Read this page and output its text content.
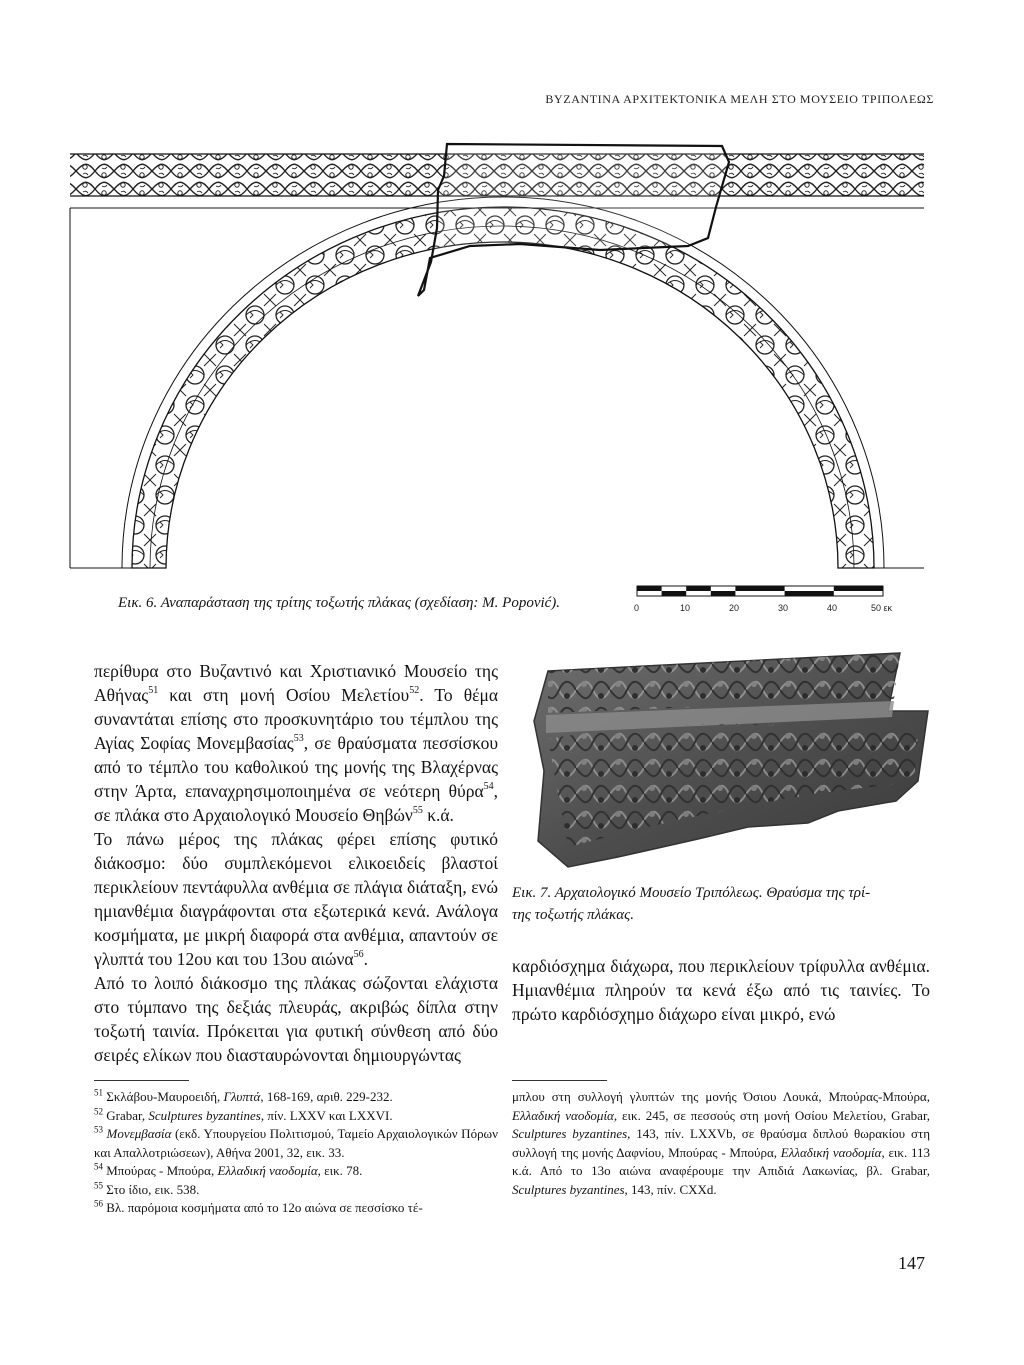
ΒΥΖΑΝΤΙΝΑ ΑΡΧΙΤΕΚΤΟΝΙΚΑ ΜΕΛΗ ΣΤΟ ΜΟΥΣΕΙΟ ΤΡΙΠΟΛΕΩΣ
Εικ. 6. Αναπαράσταση της τρίτης τοξωτής πλάκας (σχεδίαση: Μ. Popović).	0	10	20	30	40	50 εκ

περίθυρα στο Βυζαντινό και Χριστιανικό Μουσείο της Αθήνας$^{51}$ και στη μονή Οσίου Μελετίου$^{52}$. Το θέμα συναντάται επίσης στο προσκυνητάριο του τέμπλου της Αγίας Σοφίας Μονεμβασίας$^{53}$, σε θραύσματα πεσσίσκου από το τέμπλο του καθολικού της μονής της Βλαχέρνας στην Άρτα, επαναχρησιμοποιημένα σε νεότερη θύρα$^{54}$, σε πλάκα στο Αρχαιολογικό Μουσείο Θηβών$^{55}$ κ.ά.

Το πάνω μέρος της πλάκας φέρει επίσης φυτικό διάκοσμο: δύο συμπλεκόμενοι ελικοειδείς βλαστοί περικλείουν πεντάφυλλα ανθέμια σε πλάγια διάταξη, ενώ ημιανθέμια διαγράφονται στα εξωτερικά κενά. Ανάλογα κοσμήματα, με μικρή διαφορά στα ανθέμια, απαντούν σε γλυπτά του 12ου και του 13ου αιώνα$^{56}$.

Από το λοιπό διάκοσμο της πλάκας σώζονται ελάχιστα στο τύμπανο της δεξιάς πλευράς, ακριβώς δίπλα στην τοξωτή ταινία. Πρόκειται για φυτική σύνθεση από δύο σειρές ελίκων που διασταυρώνονται δημιουργώντας

Εικ. 7. Αρχαιολογικό Μουσείο Τριπόλεως. Θραύσμα της τρί-
της τοξωτής πλάκας.

καρδιόσχημα διάχωρα, που περικλείουν τρίφυλλα ανθέμια. Ημιανθέμια πληρούν τα κενά έξω από τις ταινίες. Το πρώτο καρδιόσχημο διάχωρο είναι μικρό, ενώ

$^{51}$ Σκλάβου-Μαυροειδή, Γλυπτά, 168-169, αριθ. 229-232.
$^{52}$ Grabar, Sculptures byzantines, πίν. LXXV και LXXVI.
$^{53}$ Μονεμβασία (εκδ. Υπουργείου Πολιτισμού, Ταμείο Αρχαιολογικών Πόρων και Απαλλοτριώσεων), Αθήνα 2001, 32, εικ. 33.
$^{54}$ Μπούρας - Μπούρα, Ελλαδική ναοδομία, εικ. 78.
$^{55}$ Στο ίδιο, εικ. 538.
$^{56}$ Βλ. παρόμοια κοσμήματα από το 12ο αιώνα σε πεσσίσκο τέ-
μπλου στη συλλογή γλυπτών της μονής Όσιου Λουκά, Μπούρας-Μπούρα, Ελλαδική ναοδομία, εικ. 245, σε πεσσούς στη μονή Οσίου Μελετίου, Grabar, Sculptures byzantines, 143, πίν. LXXVb, σε θραύσμα διπλού θωρακίου στη συλλογή της μονής Δαφνίου, Μπούρας - Μπούρα, Ελλαδική ναοδομία, εικ. 113 κ.ά. Από το 13ο αιώνα αναφέρουμε την Απιδιά Λακωνίας, βλ. Grabar, Sculptures byzantines, 143, πίν. CXXd.
147
